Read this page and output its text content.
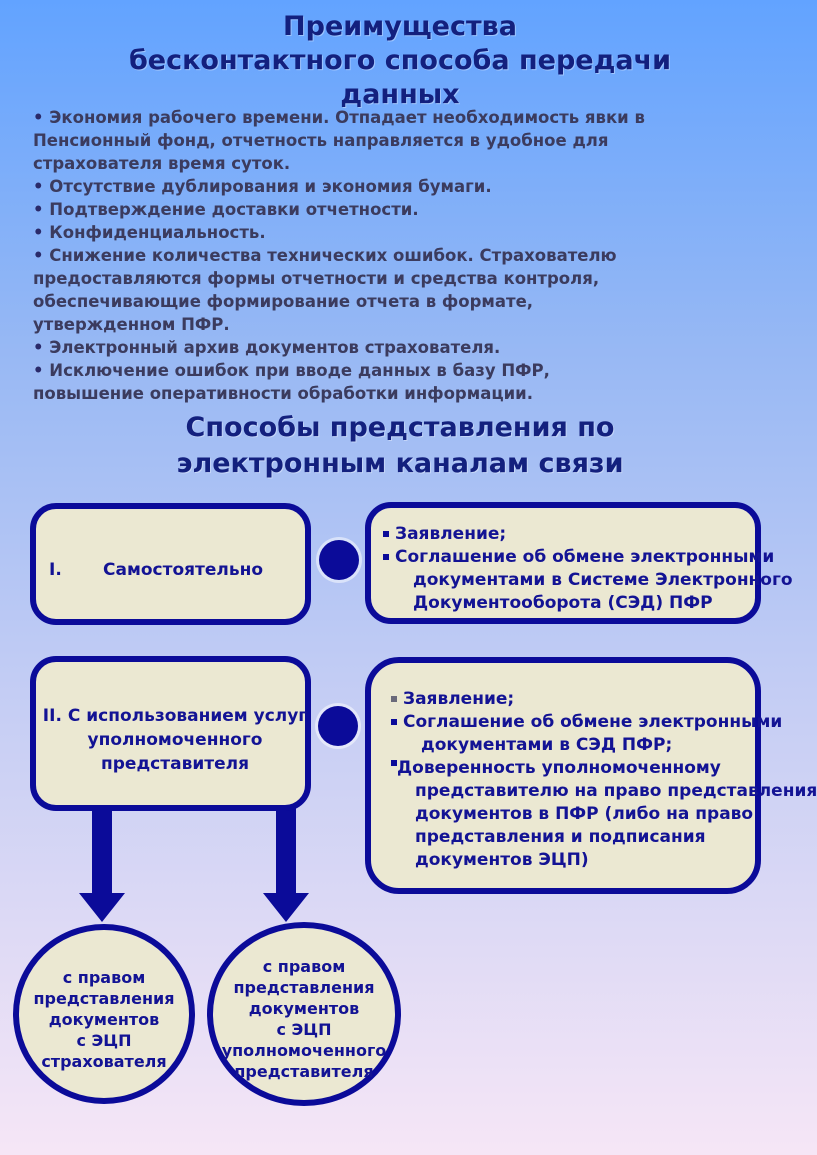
Преимущества
бесконтактного способа передачи
данных
• Экономия рабочего времени. Отпадает необходимость явки в
Пенсионный фонд, отчетность направляется в удобное для
страхователя время суток.
• Отсутствие дублирования и экономия бумаги.
• Подтверждение доставки отчетности.
• Конфиденциальность.
• Снижение количества технических ошибок. Страхователю
предоставляются формы отчетности и средства контроля,
обеспечивающие формирование отчета в формате,
утвержденном ПФР.
• Электронный архив документов страхователя.
• Исключение ошибок при вводе данных в базу ПФР,
повышение оперативности обработки информации.
Способы представления по
электронным каналам связи
I. Самостоятельно
Заявление;
Соглашение об обмене электронными

документами в Системе Электронного
Документооборота (СЭД) ПФР
II. С использованием услуг
уполномоченного
представителя
Заявление;
Соглашение об обмене электронными

документами в СЭД ПФР;
Доверенность уполномоченному

представителю на право представления
документов в ПФР (либо на право
представления и подписания
документов ЭЦП)
с правом
представления
документов
с ЭЦП
страхователя
с правом
представления
документов
с ЭЦП
уполномоченного
представителя
